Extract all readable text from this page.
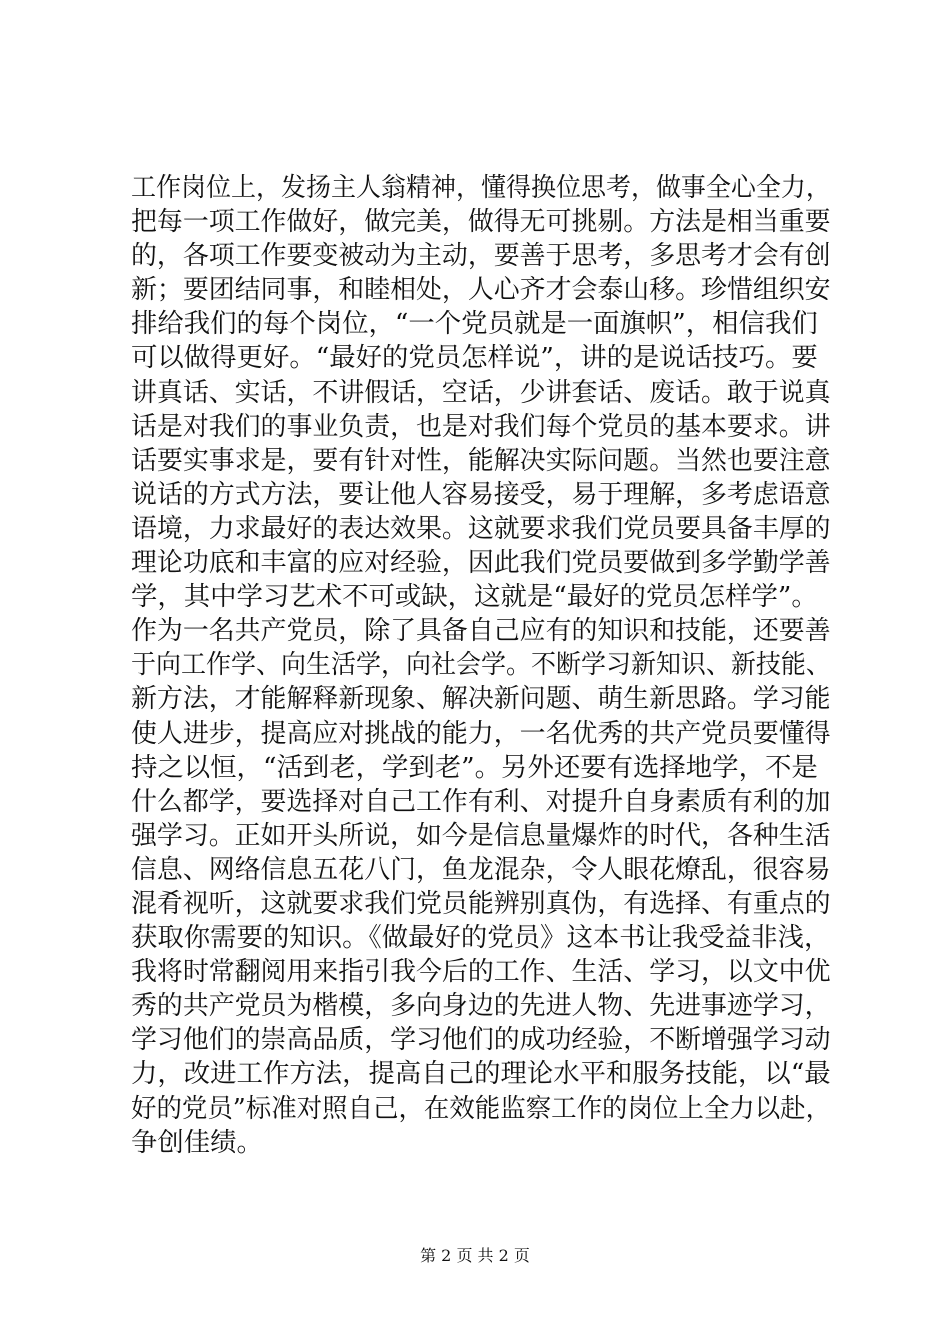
工作岗位上，发扬主人翁精神，懂得换位思考，做事全心全力，
把每一项工作做好，做完美，做得无可挑剔。方法是相当重要
的，各项工作要变被动为主动，要善于思考，多思考才会有创
新；要团结同事，和睦相处，人心齐才会泰山移。珍惜组织安
排给我们的每个岗位，“一个党员就是一面旗帜”，相信我们
可以做得更好。“最好的党员怎样说”，讲的是说话技巧。要
讲真话、实话，不讲假话，空话，少讲套话、废话。敢于说真
话是对我们的事业负责，也是对我们每个党员的基本要求。讲
话要实事求是，要有针对性，能解决实际问题。当然也要注意
说话的方式方法，要让他人容易接受，易于理解，多考虑语意
语境，力求最好的表达效果。这就要求我们党员要具备丰厚的
理论功底和丰富的应对经验，因此我们党员要做到多学勤学善
学，其中学习艺术不可或缺，这就是“最好的党员怎样学”。
作为一名共产党员，除了具备自己应有的知识和技能，还要善
于向工作学、向生活学，向社会学。不断学习新知识、新技能、
新方法，才能解释新现象、解决新问题、萌生新思路。学习能
使人进步，提高应对挑战的能力，一名优秀的共产党员要懂得
持之以恒，“活到老，学到老”。另外还要有选择地学，不是
什么都学，要选择对自己工作有利、对提升自身素质有利的加
强学习。正如开头所说，如今是信息量爆炸的时代，各种生活
信息、网络信息五花八门，鱼龙混杂，令人眼花燎乱，很容易
混肴视听，这就要求我们党员能辨别真伪，有选择、有重点的
获取你需要的知识。《做最好的党员》这本书让我受益非浅，
我将时常翻阅用来指引我今后的工作、生活、学习，以文中优
秀的共产党员为楷模，多向身边的先进人物、先进事迹学习，
学习他们的崇高品质，学习他们的成功经验，不断增强学习动
力，改进工作方法，提高自己的理论水平和服务技能，以“最
好的党员”标准对照自己，在效能监察工作的岗位上全力以赴，
争创佳绩。
第 2 页 共 2 页
